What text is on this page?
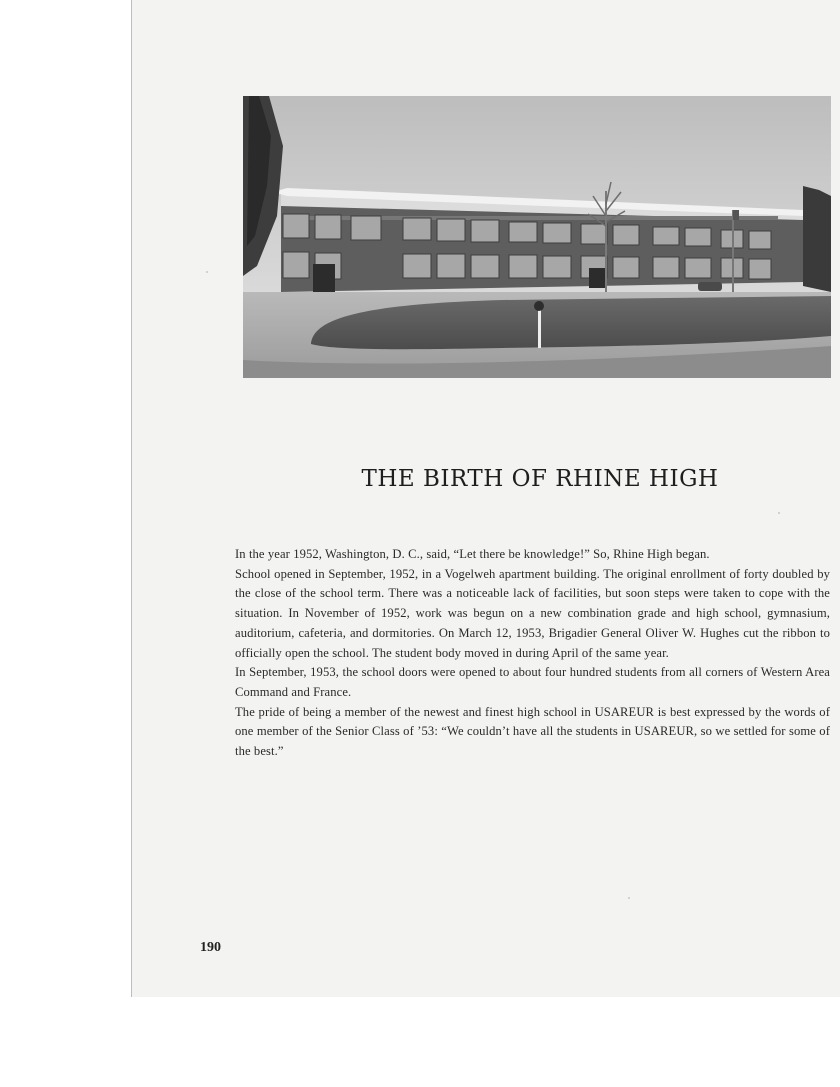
THE BIRTH OF RHINE HIGH

In the year 1952, Washington, D. C., said, “Let there be knowledge!” So, Rhine High began.

School opened in September, 1952, in a Vogelweh apartment building. The original enrollment of forty doubled by the close of the school term. There was a noticeable lack of facilities, but soon steps were taken to cope with the situation. In November of 1952, work was begun on a new combination grade and high school, gymnasium, auditorium, cafeteria, and dormitories. On March 12, 1953, Brigadier General Oliver W. Hughes cut the ribbon to officially open the school. The student body moved in during April of the same year.

In September, 1953, the school doors were opened to about four hundred students from all corners of Western Area Command and France.

The pride of being a member of the newest and finest high school in USAREUR is best expressed by the words of one member of the Senior Class of ’53: “We couldn’t have all the students in USAREUR, so we settled for some of the best.”

190
